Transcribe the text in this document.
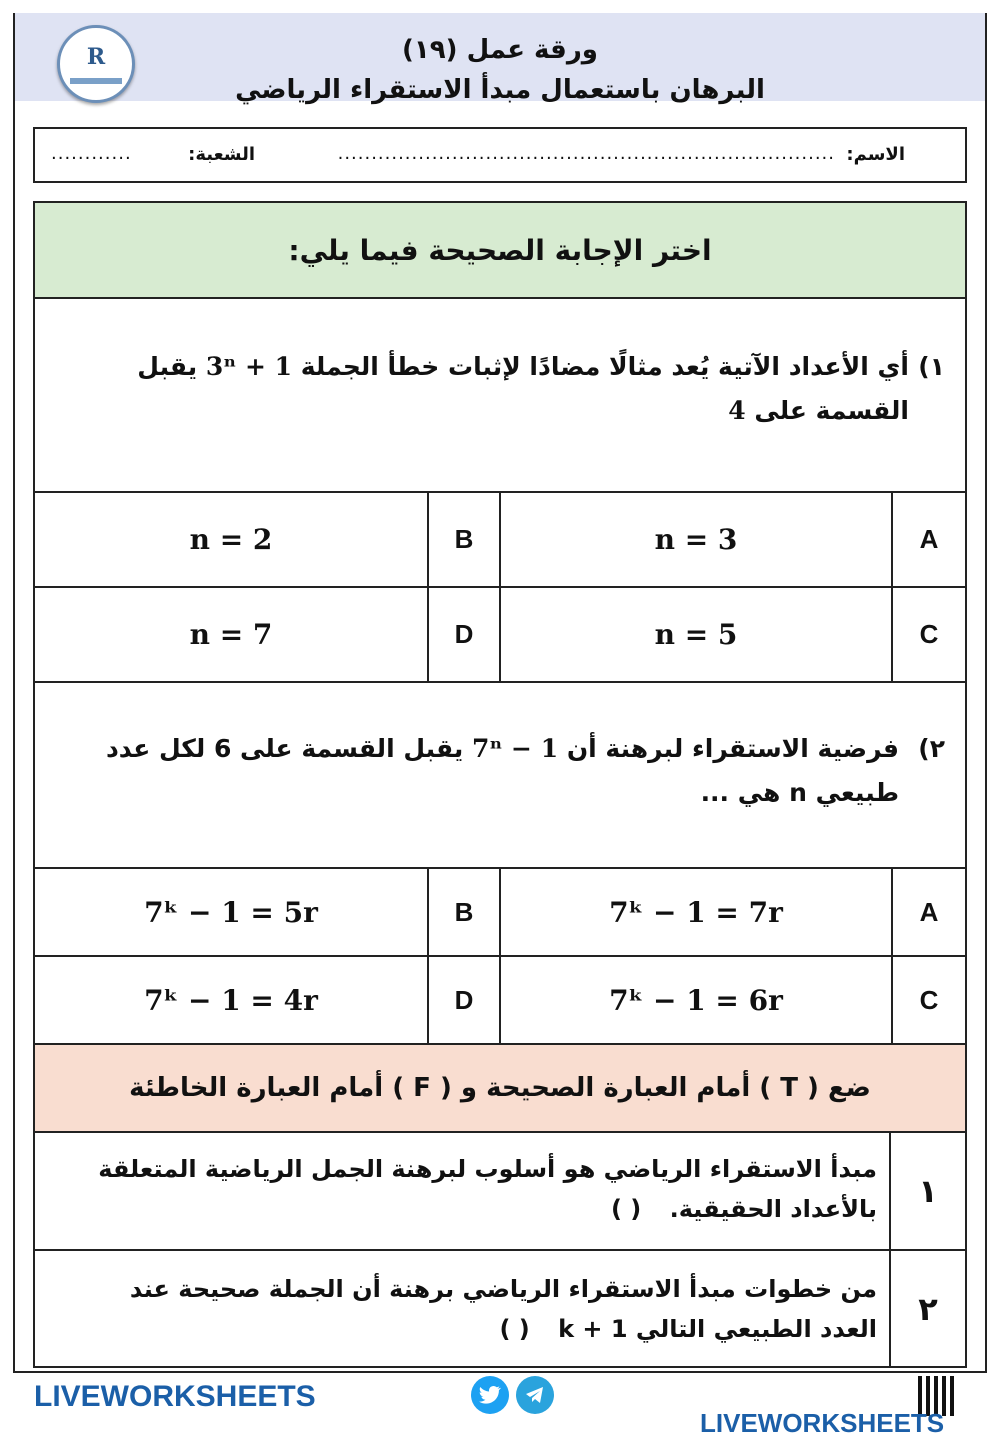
R	ورقة عمل (١٩)
البرهان باستعمال مبدأ الاستقراء الرياضي
الاسم:
..........................................................................
الشعبة:
............
اختر الإجابة الصحيحة فيما يلي:
١)
أي الأعداد الآتية يُعد مثالًا مضادًا لإثبات خطأ الجملة 3ⁿ + 1 يقبل القسمة على 4
A
n = 3
B
n = 2
C
n = 5
D
n = 7
٢)
فرضية الاستقراء لبرهنة أن 7ⁿ − 1 يقبل القسمة على 6 لكل عدد طبيعي n هي ...
A
7ᵏ − 1 = 7r
B
7ᵏ − 1 = 5r
C
7ᵏ − 1 = 6r
D
7ᵏ − 1 = 4r
ضع ( T ) أمام العبارة الصحيحة و ( F ) أمام العبارة الخاطئة
١
مبدأ الاستقراء الرياضي هو أسلوب لبرهنة الجمل الرياضية المتعلقة بالأعداد الحقيقية. ( )
٢
من خطوات مبدأ الاستقراء الرياضي برهنة أن الجملة صحيحة عند العدد الطبيعي التالي k + 1 ( )
LIVEWORKSHEETS
LIVEWORKSHEETS
